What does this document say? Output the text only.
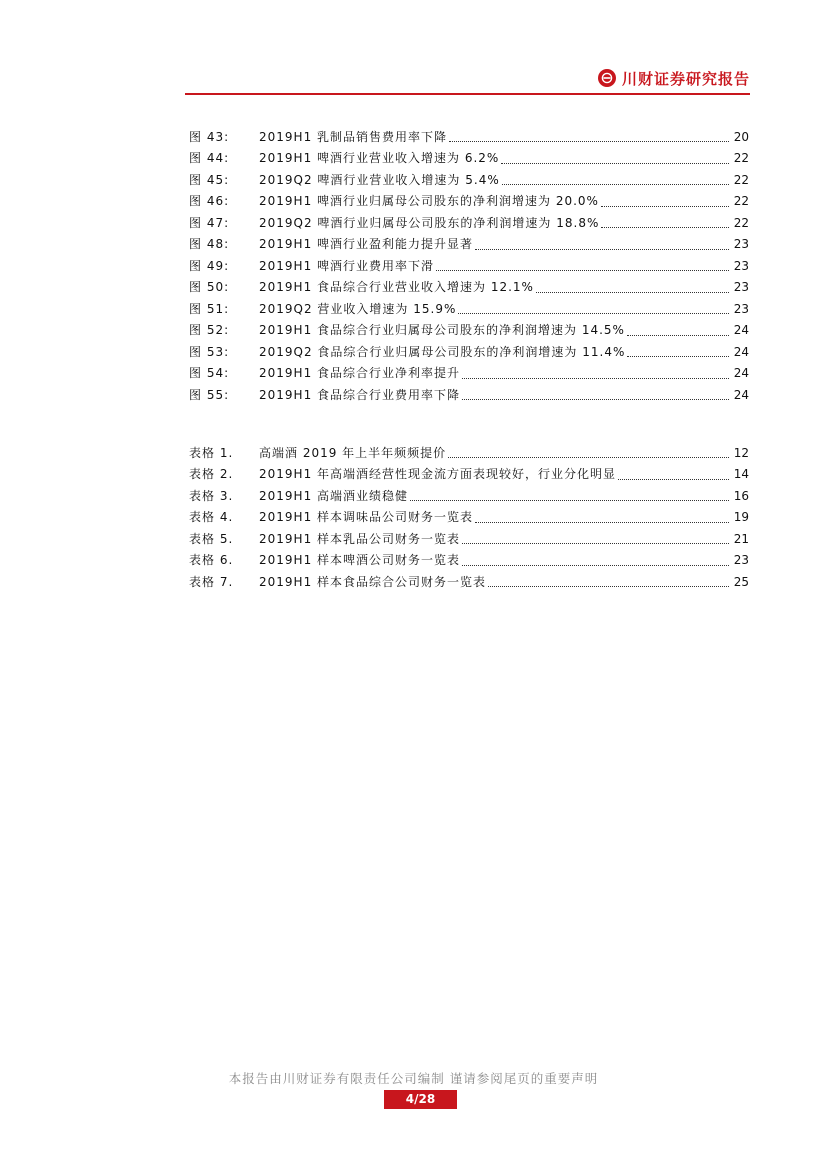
川财证券研究报告
图 43:	2019H1 乳制品销售费用率下降	20
图 44:	2019H1 啤酒行业营业收入增速为 6.2%	22
图 45:	2019Q2 啤酒行业营业收入增速为 5.4%	22
图 46:	2019H1 啤酒行业归属母公司股东的净利润增速为 20.0%	22
图 47:	2019Q2 啤酒行业归属母公司股东的净利润增速为 18.8%	22
图 48:	2019H1 啤酒行业盈利能力提升显著	23
图 49:	2019H1 啤酒行业费用率下滑	23
图 50:	2019H1 食品综合行业营业收入增速为 12.1%	23
图 51:	2019Q2 营业收入增速为 15.9%	23
图 52:	2019H1 食品综合行业归属母公司股东的净利润增速为 14.5%	24
图 53:	2019Q2 食品综合行业归属母公司股东的净利润增速为 11.4%	24
图 54:	2019H1 食品综合行业净利率提升	24
图 55:	2019H1 食品综合行业费用率下降	24
表格 1.	高端酒 2019 年上半年频频提价	12
表格 2.	2019H1 年高端酒经营性现金流方面表现较好，行业分化明显	14
表格 3.	2019H1 高端酒业绩稳健	16
表格 4.	2019H1 样本调味品公司财务一览表	19
表格 5.	2019H1 样本乳品公司财务一览表	21
表格 6.	2019H1 样本啤酒公司财务一览表	23
表格 7.	2019H1 样本食品综合公司财务一览表	25
本报告由川财证券有限责任公司编制 谨请参阅尾页的重要声明
4/28
